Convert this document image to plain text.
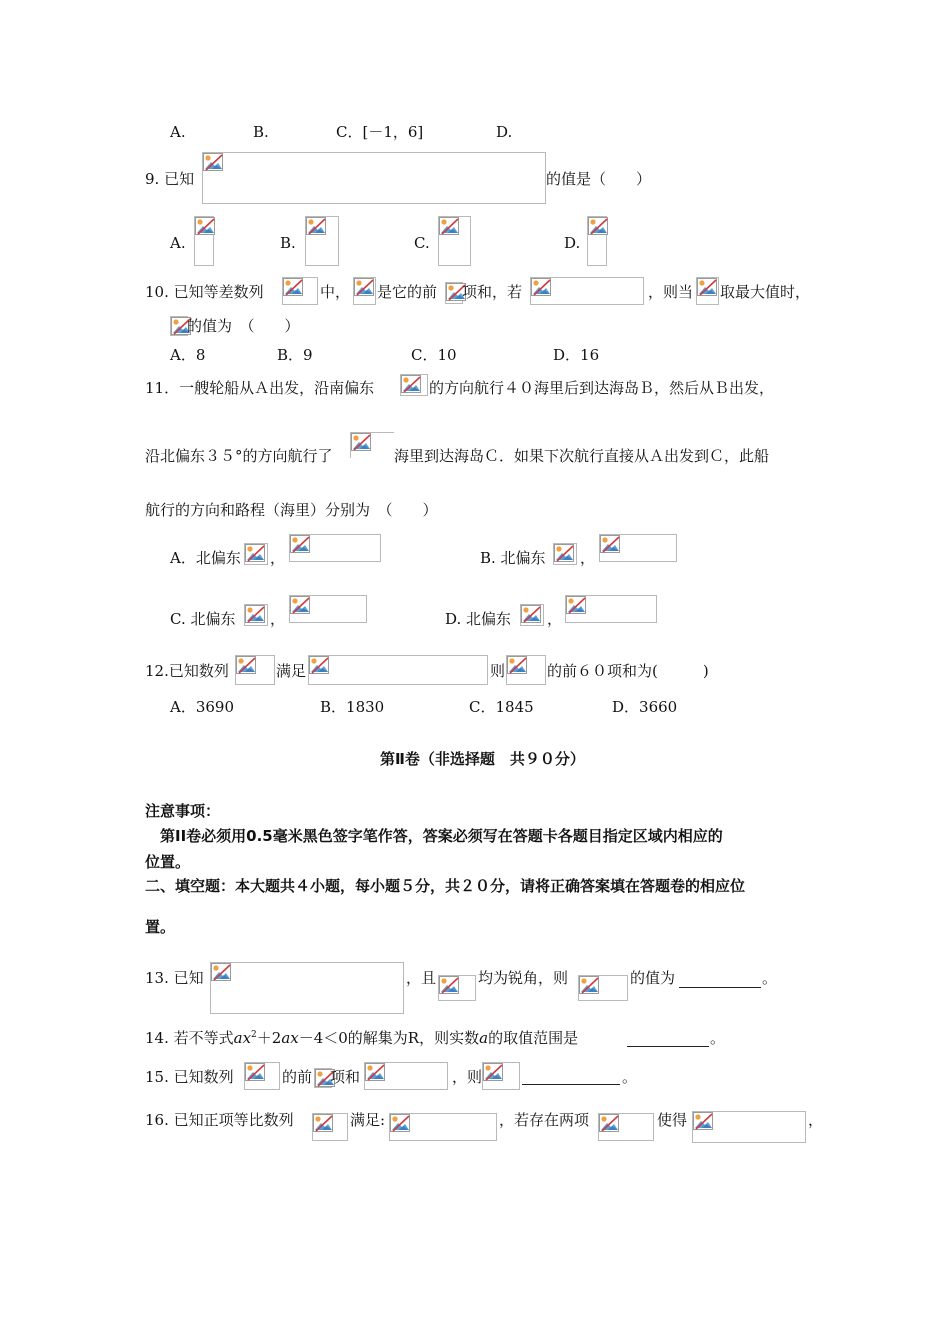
A.	B.	C．[－1，6]	D.
9. 已知	的值是（　　）
A.	B.	C.	D.
10. 已知等差数列	中， 是它的前 项和，若	，则当 取最大值时，
的值为　（　　）
A．8	B．9	C．10	D．16
11．一艘轮船从Ａ出发，沿南偏东	的方向航行４０海里后到达海岛Ｂ，然后从Ｂ出发，
沿北偏东３５°的方向航行了	海里到达海岛Ｃ．如果下次航行直接从Ａ出发到Ｃ，此船
航行的方向和路程（海里）分别为　（　　）
A．北偏东 ，	B. 北偏东 ，
C. 北偏东 ，	D. 北偏东 ，
12.已知数列	满足	则	的前６０项和为(　　　)
A．3690	B．1830	C．1845	D．3660
第Ⅱ卷（非选择题　共９０分）
注意事项：
　第II卷必须用0.5毫米黑色签字笔作答，答案必须写在答题卡各题目指定区域内相应的
位置。
二、填空题：本大题共４小题，每小题５分，共２０分，请将正确答案填在答题卷的相应位
置。
13. 已知	，且	均为锐角，则	的值为	。
14. 若不等式$ax^2+2ax-4<0$的解集为R，则实数a的取值范围是	。
15. 已知数列	的前 项和	，则	。
16. 已知正项等比数列	满足:	，若存在两项	使得	，
